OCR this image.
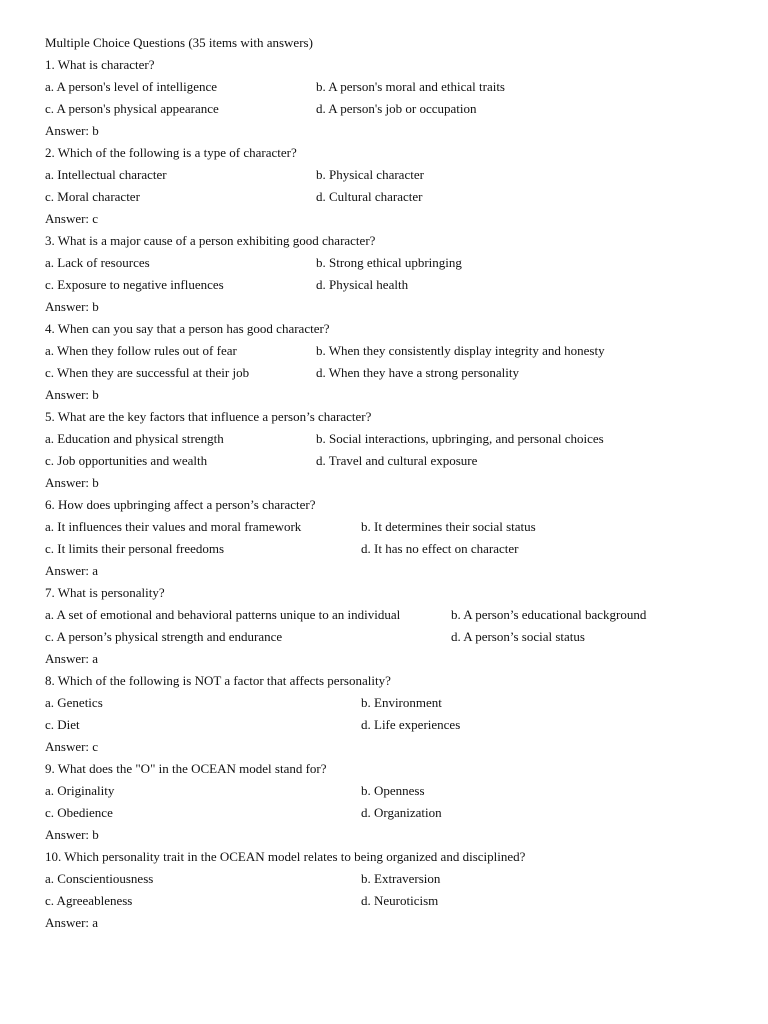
Multiple Choice Questions (35 items with answers)
1. What is character?
a. A person's level of intelligence	b. A person's moral and ethical traits
c. A person's physical appearance	d. A person's job or occupation
Answer: b
2. Which of the following is a type of character?
a. Intellectual character	b. Physical character
c. Moral character	d. Cultural character
Answer: c
3. What is a major cause of a person exhibiting good character?
a. Lack of resources	b. Strong ethical upbringing
c. Exposure to negative influences	d. Physical health
Answer: b
4. When can you say that a person has good character?
a. When they follow rules out of fear	b. When they consistently display integrity and honesty
c. When they are successful at their job	d. When they have a strong personality
Answer: b
5. What are the key factors that influence a person’s character?
a. Education and physical strength	b. Social interactions, upbringing, and personal choices
c. Job opportunities and wealth	d. Travel and cultural exposure
Answer: b
6. How does upbringing affect a person’s character?
a. It influences their values and moral framework	b. It determines their social status
c. It limits their personal freedoms	d. It has no effect on character
Answer: a
7. What is personality?
a. A set of emotional and behavioral patterns unique to an individual	b. A person’s educational background
c. A person’s physical strength and endurance	d. A person’s social status
Answer: a
8. Which of the following is NOT a factor that affects personality?
a. Genetics	b. Environment
c. Diet	d. Life experiences
Answer: c
9. What does the "O" in the OCEAN model stand for?
a. Originality	b. Openness
c. Obedience	d. Organization
Answer: b
10. Which personality trait in the OCEAN model relates to being organized and disciplined?
a. Conscientiousness	b. Extraversion
c. Agreeableness	d. Neuroticism
Answer: a
